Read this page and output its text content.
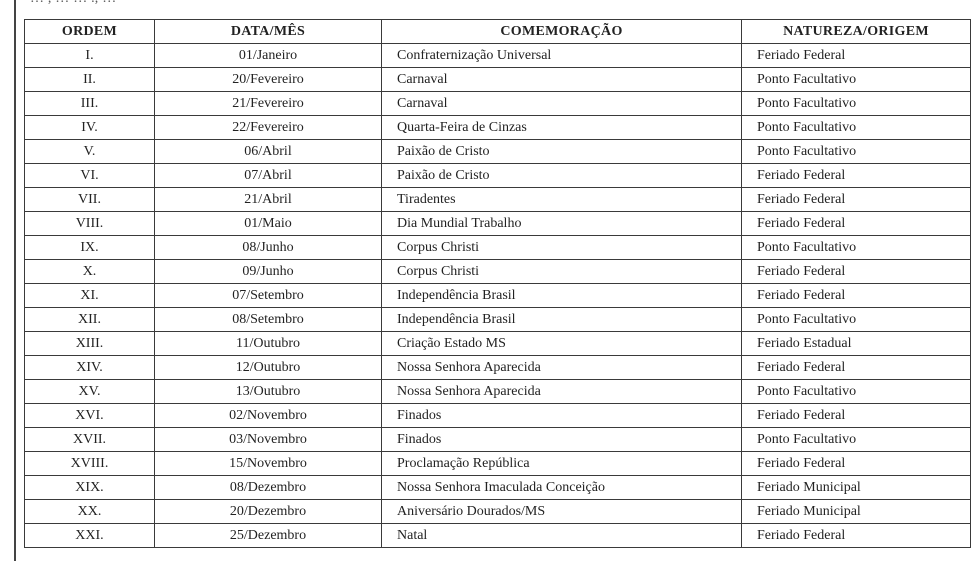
ORDEM	DATA/MÊS	COMEMORAÇÃO	NATUREZA/ORIGEM
I.	01/Janeiro	Confraternização Universal	Feriado Federal
II.	20/Fevereiro	Carnaval	Ponto Facultativo
III.	21/Fevereiro	Carnaval	Ponto Facultativo
IV.	22/Fevereiro	Quarta-Feira de Cinzas	Ponto Facultativo
V.	06/Abril	Paixão de Cristo	Ponto Facultativo
VI.	07/Abril	Paixão de Cristo	Feriado Federal
VII.	21/Abril	Tiradentes	Feriado Federal
VIII.	01/Maio	Dia Mundial Trabalho	Feriado Federal
IX.	08/Junho	Corpus Christi	Ponto Facultativo
X.	09/Junho	Corpus Christi	Feriado Federal
XI.	07/Setembro	Independência Brasil	Feriado Federal
XII.	08/Setembro	Independência Brasil	Ponto Facultativo
XIII.	11/Outubro	Criação Estado MS	Feriado Estadual
XIV.	12/Outubro	Nossa Senhora Aparecida	Feriado Federal
XV.	13/Outubro	Nossa Senhora Aparecida	Ponto Facultativo
XVI.	02/Novembro	Finados	Feriado Federal
XVII.	03/Novembro	Finados	Ponto Facultativo
XVIII.	15/Novembro	Proclamação República	Feriado Federal
XIX.	08/Dezembro	Nossa Senhora Imaculada Conceição	Feriado Municipal
XX.	20/Dezembro	Aniversário Dourados/MS	Feriado Municipal
XXI.	25/Dezembro	Natal	Feriado Federal
